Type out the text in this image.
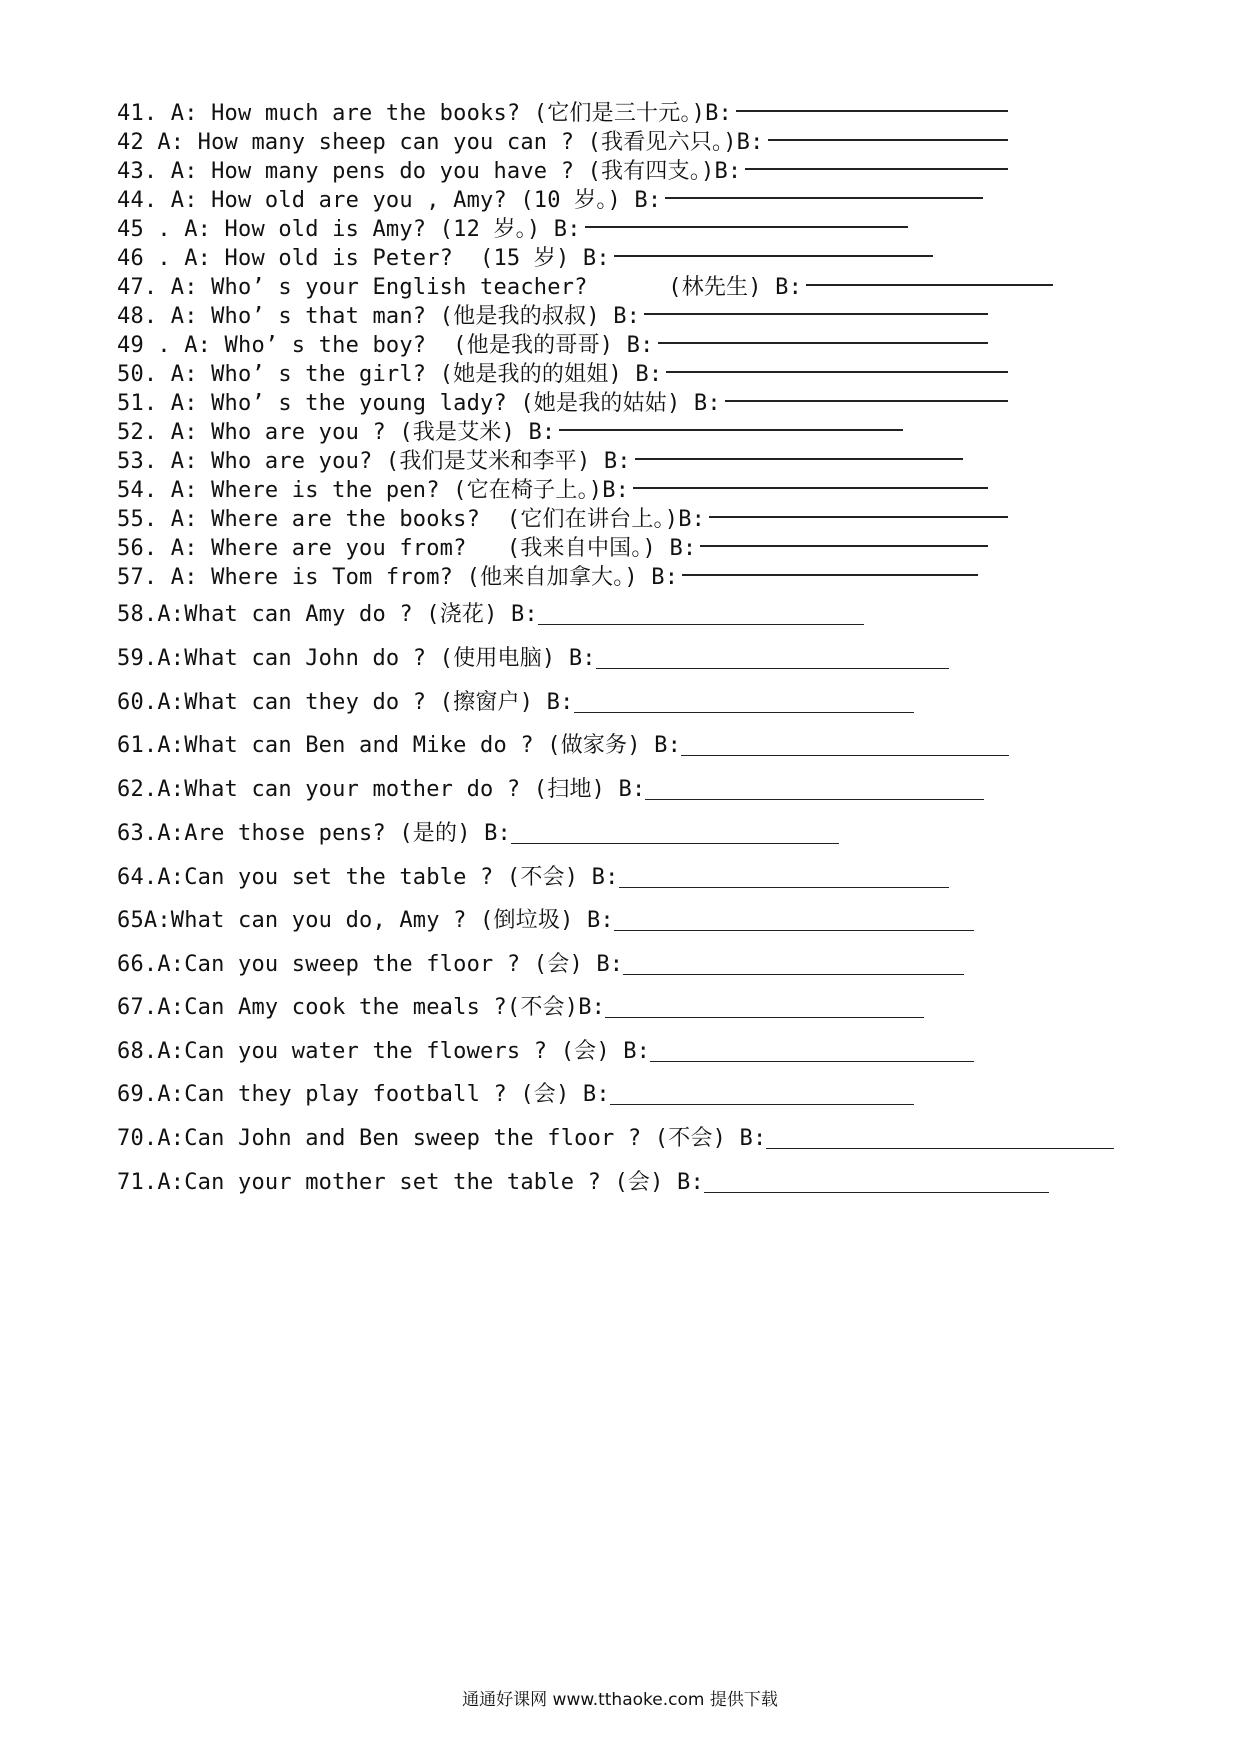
41. A: How much are the books? (它们是三十元。)B:
42 A: How many sheep can you can ? (我看见六只。)B:
43. A: How many pens do you have ? (我有四支。)B:
44. A: How old are you , Amy? (10 岁。) B:
45 . A: How old is Amy? (12 岁。) B:
46 . A: How old is Peter?  (15 岁) B:
47. A: Who’ s your English teacher?      (林先生) B:
48. A: Who’ s that man? (他是我的叔叔) B:
49 . A: Who’ s the boy?  (他是我的哥哥) B:
50. A: Who’ s the girl? (她是我的的姐姐) B:
51. A: Who’ s the young lady? (她是我的姑姑) B:
52. A: Who are you ? (我是艾米) B:
53. A: Who are you? (我们是艾米和李平) B:
54. A: Where is the pen? (它在椅子上。)B:
55. A: Where are the books?  (它们在讲台上。)B:
56. A: Where are you from?   (我来自中国。) B:
57. A: Where is Tom from? (他来自加拿大。) B:
58.A:What can Amy do ? (浇花) B:
59.A:What can John do ? (使用电脑) B:
60.A:What can they do ? (擦窗户) B:
61.A:What can Ben and Mike do ? (做家务) B:
62.A:What can your mother do ? (扫地) B:
63.A:Are those pens? (是的) B:
64.A:Can you set the table ? (不会) B:
65A:What can you do, Amy ? (倒垃圾) B:
66.A:Can you sweep the floor ? (会) B:
67.A:Can Amy cook the meals ?(不会)B:
68.A:Can you water the flowers ? (会) B:
69.A:Can they play football ? (会) B:
70.A:Can John and Ben sweep the floor ? (不会) B:
71.A:Can your mother set the table ? (会) B:
通通好课网 www.tthaoke.com 提供下载
